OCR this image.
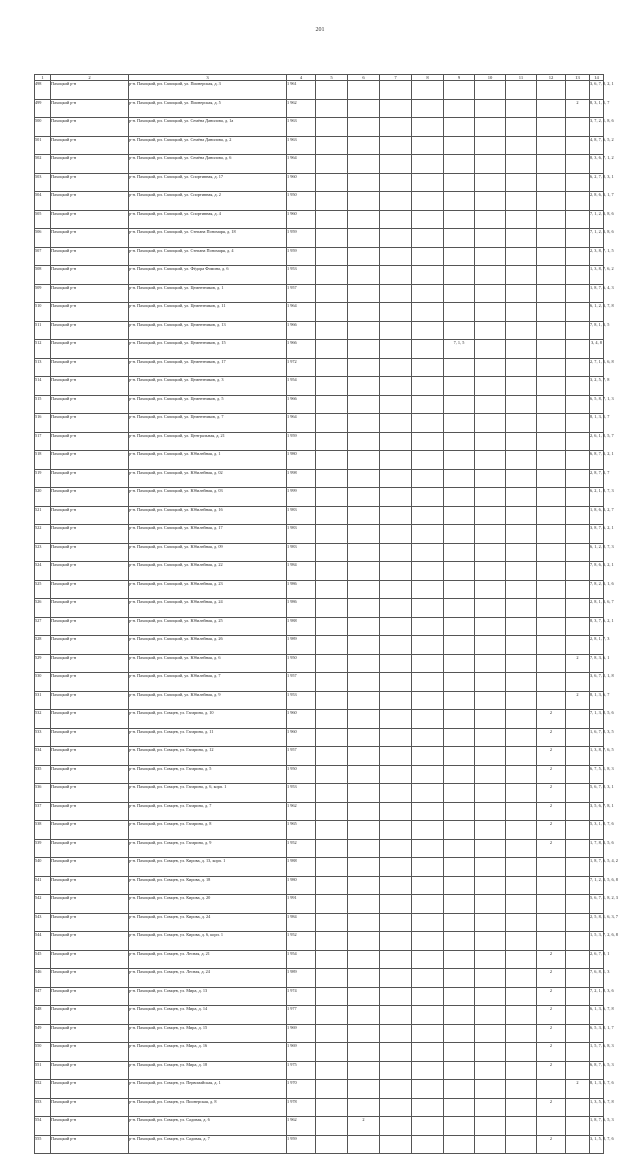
201
1	2	3	4	5	6	7	8	9	10	11	12	13	14
498	Пахоцкий р-н	р-н. Пахоцкий, рп. Сапоцкий, ул. Пионерская, д. 3	1 961										3, 6, 7, 8, 2, 1
499	Пахоцкий р-н	р-н. Пахоцкий, рп. Сапоцкий, ул. Пионерская, д. 5	1 962									2	8, 3, 1, 5, 7
500	Пахоцкий р-н	р-н. Пахоцкий, рп. Сапоцкий, ул. Семёна Данилова, д. 1а	1 963										3, 7, 2, 1, 8, 6
501	Пахоцкий р-н	р-н. Пахоцкий, рп. Сапоцкий, ул. Семёна Данилова, д. 2	1 963										4, 8, 7, 6, 5, 2
502	Пахоцкий р-н	р-н. Пахоцкий, рп. Сапоцкий, ул. Семёна Данилова, д. 6	1 964										8, 3, 6, 7, 1, 2
503	Пахоцкий р-н	р-н. Пахоцкий, рп. Сапоцкий, ул. Спортивная, д. 17	1 960										6, 2, 7, 8, 3, 1
504	Пахоцкий р-н	р-н. Пахоцкий, рп. Сапоцкий, ул. Спортивная, д. 2	1 950										2, 8, 6, 3, 1, 7
505	Пахоцкий р-н	р-н. Пахоцкий, рп. Сапоцкий, ул. Спортивная, д. 4	1 960										7, 1, 2, 3, 8, 6
506	Пахоцкий р-н	р-н. Пахоцкий, рп. Сапоцкий, ул. Степана Пономаря, д. 18	1 959										7, 1, 2, 3, 8, 6
507	Пахоцкий р-н	р-н. Пахоцкий, рп. Сапоцкий, ул. Степана Пономаря, д. 4	1 959										2, 3, 8, 7, 1, 5
508	Пахоцкий р-н	р-н. Пахоцкий, рп. Сапоцкий, ул. Фёдора Фомина, д. 6	1 953										1, 3, 8, 7, 6, 2
509	Пахоцкий р-н	р-н. Пахоцкий, рп. Сапоцкий, ул. Цементников, д. 1	1 957										1, 8, 7, 6, 4, 3
510	Пахоцкий р-н	р-н. Пахоцкий, рп. Сапоцкий, ул. Цементников, д. 11	1 964										6, 1, 2, 3, 7, 8
511	Пахоцкий р-н	р-н. Пахоцкий, рп. Сапоцкий, ул. Цементников, д. 13	1 966										7, 8, 1, 3, 5
512	Пахоцкий р-н	р-н. Пахоцкий, рп. Сапоцкий, ул. Цементников, д. 15	1 966					7, 1, 5					3, 4, 8
513	Пахоцкий р-н	р-н. Пахоцкий, рп. Сапоцкий, ул. Цементников, д. 17	1 972										2, 7, 1, 5, 6, 8
514	Пахоцкий р-н	р-н. Пахоцкий, рп. Сапоцкий, ул. Цементников, д. 3	1 954										3, 2, 5, 7, 8
515	Пахоцкий р-н	р-н. Пахоцкий, рп. Сапоцкий, ул. Цементников, д. 5	1 966										6, 5, 8, 7, 1, 3
516	Пахоцкий р-н	р-н. Пахоцкий, рп. Сапоцкий, ул. Цементников, д. 7	1 964										8, 1, 3, 5, 7
517	Пахоцкий р-н	р-н. Пахоцкий, рп. Сапоцкий, ул. Центральная, д. 21	1 959										2, 6, 1, 8, 5, 7
518	Пахоцкий р-н	р-н. Пахоцкий, рп. Сапоцкий, ул. Юбилейная, д. 1	1 980										6, 8, 7, 3, 2, 1
519	Пахоцкий р-н	р-н. Пахоцкий, рп. Сапоцкий, ул. Юбилейная, д. 02	1 998										2, 8, 7, 3, 7
520	Пахоцкий р-н	р-н. Пахоцкий, рп. Сапоцкий, ул. Юбилейная, д. 03	1 999										6, 2, 1, 8, 7, 3
521	Пахоцкий р-н	р-н. Пахоцкий, рп. Сапоцкий, ул. Юбилейная, д. 16	1 983										1, 8, 6, 3, 2, 7
522	Пахоцкий р-н	р-н. Пахоцкий, рп. Сапоцкий, ул. Юбилейная, д. 17	1 983										3, 8, 7, 6, 2, 1
523	Пахоцкий р-н	р-н. Пахоцкий, рп. Сапоцкий, ул. Юбилейная, д. 09	1 983										6, 1, 2, 8, 7, 3
524	Пахоцкий р-н	р-н. Пахоцкий, рп. Сапоцкий, ул. Юбилейная, д. 22	1 984										7, 8, 6, 3, 2, 1
525	Пахоцкий р-н	р-н. Пахоцкий, рп. Сапоцкий, ул. Юбилейная, д. 23	1 986										7, 8, 2, 3, 1, 6
526	Пахоцкий р-н	р-н. Пахоцкий, рп. Сапоцкий, ул. Юбилейная, д. 24	1 986										2, 8, 1, 3, 6, 7
527	Пахоцкий р-н	р-н. Пахоцкий, рп. Сапоцкий, ул. Юбилейная, д. 25	1 988										8, 3, 7, 6, 2, 1
528	Пахоцкий р-н	р-н. Пахоцкий, рп. Сапоцкий, ул. Юбилейная, д. 26	1 989										2, 8, 1, 7, 3
529	Пахоцкий р-н	р-н. Пахоцкий, рп. Сапоцкий, ул. Юбилейная, д. 6	1 950									2	7, 8, 3, 6, 1
530	Пахоцкий р-н	р-н. Пахоцкий, рп. Сапоцкий, ул. Юбилейная, д. 7	1 957										3, 6, 7, 2, 1, 8
531	Пахоцкий р-н	р-н. Пахоцкий, рп. Сапоцкий, ул. Юбилейная, д. 9	1 953									2	8, 1, 3, 6, 7
532	Пахоцкий р-н	р-н. Пахоцкий, рп. Сомцев, ул. Гагарина, д. 10	1 960								2		7, 1, 3, 8, 5, 6
533	Пахоцкий р-н	р-н. Пахоцкий, рп. Сомцев, ул. Гагарина, д. 11	1 960								2		1, 6, 7, 8, 3, 5
534	Пахоцкий р-н	р-н. Пахоцкий, рп. Сомцев, ул. Гагарина, д. 12	1 957								2		1, 3, 8, 7, 6, 5
535	Пахоцкий р-н	р-н. Пахоцкий, рп. Сомцев, ул. Гагарина, д. 5	1 950								2		6, 7, 5, 1, 8, 3
536	Пахоцкий р-н	р-н. Пахоцкий, рп. Сомцев, ул. Гагарина, д. 6, корп. 1	1 953								2		5, 6, 7, 8, 3, 1
537	Пахоцкий р-н	р-н. Пахоцкий, рп. Сомцев, ул. Гагарина, д. 7	1 962								2		3, 5, 6, 7, 8, 1
538	Пахоцкий р-н	р-н. Пахоцкий, рп. Сомцев, ул. Гагарина, д. 8	1 965								2		5, 3, 1, 8, 7, 6
539	Пахоцкий р-н	р-н. Пахоцкий, рп. Сомцев, ул. Гагарина, д. 9	1 952								2		1, 7, 8, 3, 5, 6
540	Пахоцкий р-н	р-н. Пахоцкий, рп. Сомцев, ул. Кирова, д. 13, корп. 1	1 988										1, 8, 7, 6, 5, 4, 2
541	Пахоцкий р-н	р-н. Пахоцкий, рп. Сомцев, ул. Кирова, д. 18	1 980										7, 1, 2, 3, 5, 6, 8
542	Пахоцкий р-н	р-н. Пахоцкий, рп. Сомцев, ул. Кирова, д. 20	1 991										5, 6, 7, 1, 8, 2, 3
543	Пахоцкий р-н	р-н. Пахоцкий, рп. Сомцев, ул. Кирова, д. 24	1 984										2, 5, 8, 1, 6, 3, 7
544	Пахоцкий р-н	р-н. Пахоцкий, рп. Сомцев, ул. Кирова, д. 6, корп. 1	1 952										1, 5, 3, 7, 2, 6, 8
545	Пахоцкий р-н	р-н. Пахоцкий, рп. Сомцев, ул. Лесная, д. 21	1 954								2		2, 6, 7, 8, 1
546	Пахоцкий р-н	р-н. Пахоцкий, рп. Сомцев, ул. Лесная, д. 24	1 989								2		7, 6, 8, 1, 3
547	Пахоцкий р-н	р-н. Пахоцкий, рп. Сомцев, ул. Мира, д. 13	1 974								2		7, 2, 1, 8, 3, 6
548	Пахоцкий р-н	р-н. Пахоцкий, рп. Сомцев, ул. Мира, д. 14	1 977								2		6, 1, 3, 6, 7, 8
549	Пахоцкий р-н	р-н. Пахоцкий, рп. Сомцев, ул. Мира, д. 15	1 969								2		6, 5, 3, 8, 1, 7
550	Пахоцкий р-н	р-н. Пахоцкий, рп. Сомцев, ул. Мира, д. 16	1 969								2		1, 5, 7, 6, 8, 3
551	Пахоцкий р-н	р-н. Пахоцкий, рп. Сомцев, ул. Мира, д. 18	1 975								2		6, 8, 7, 6, 5, 3
552	Пахоцкий р-н	р-н. Пахоцкий, рп. Сомцев, ул. Первомайская, д. 1	1 970									2	8, 1, 3, 5, 7, 6
553	Пахоцкий р-н	р-н. Пахоцкий, рп. Сомцев, ул. Пионерская, д. 8	1 978								2		1, 3, 5, 6, 7, 8
554	Пахоцкий р-н	р-н. Пахоцкий, рп. Сомцев, ул. Садовая, д. 6	1 962		2								1, 8, 7, 6, 5, 3
555	Пахоцкий р-н	р-н. Пахоцкий, рп. Сомцев, ул. Садовая, д. 7	1 959								2		3, 1, 5, 8, 7, 6
